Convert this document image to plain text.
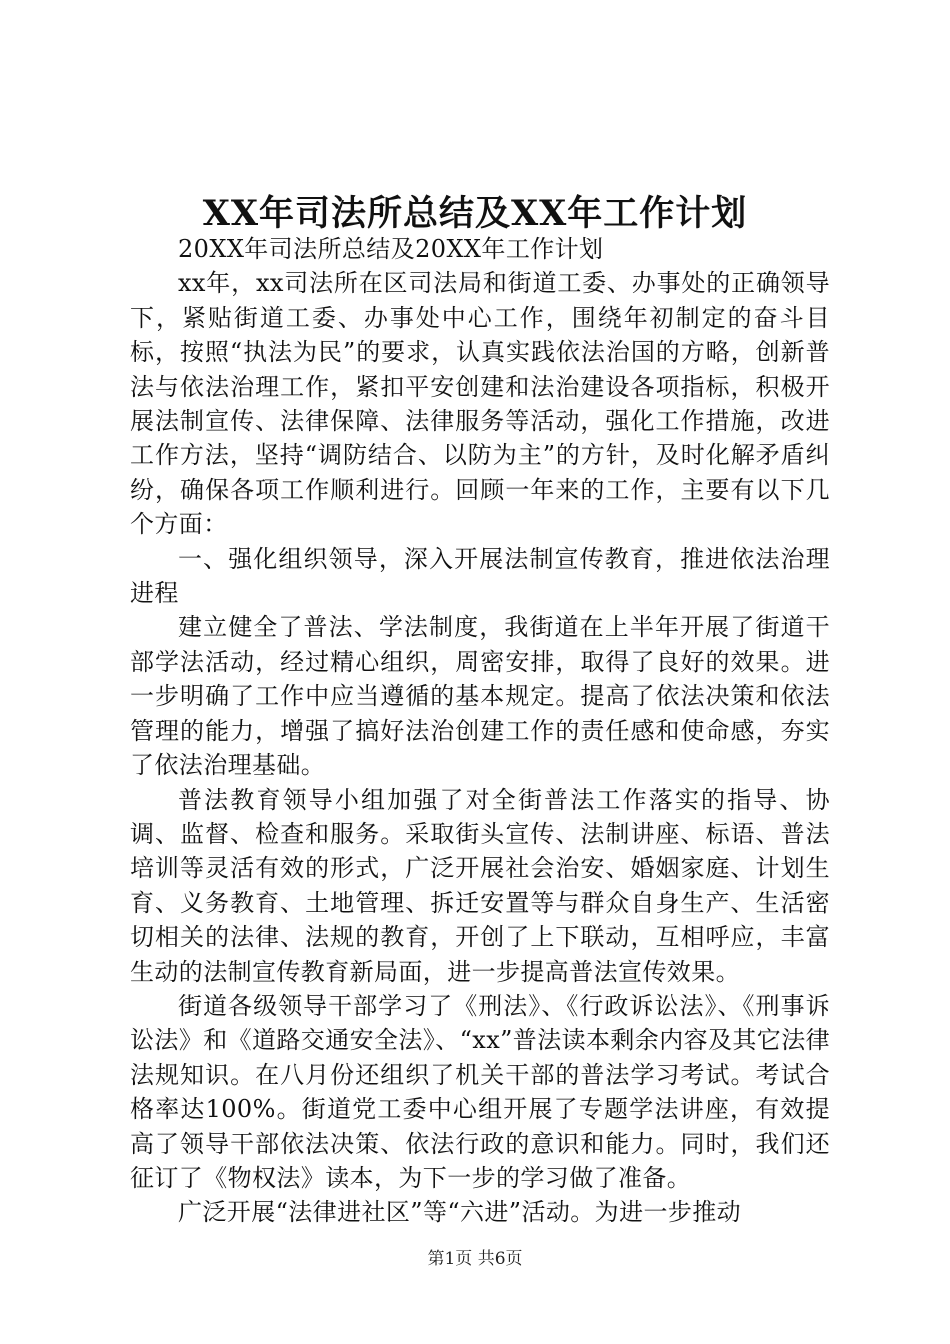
XX年司法所总结及XX年工作计划

20XX年司法所总结及20XX年工作计划

xx年，xx司法所在区司法局和街道工委、办事处的正确领导下，紧贴街道工委、办事处中心工作，围绕年初制定的奋斗目标，按照“执法为民”的要求，认真实践依法治国的方略，创新普法与依法治理工作，紧扣平安创建和法治建设各项指标，积极开展法制宣传、法律保障、法律服务等活动，强化工作措施，改进工作方法，坚持“调防结合、以防为主”的方针，及时化解矛盾纠纷，确保各项工作顺利进行。回顾一年来的工作，主要有以下几个方面：

一、强化组织领导，深入开展法制宣传教育，推进依法治理进程

建立健全了普法、学法制度，我街道在上半年开展了街道干部学法活动，经过精心组织，周密安排，取得了良好的效果。进一步明确了工作中应当遵循的基本规定。提高了依法决策和依法管理的能力，增强了搞好法治创建工作的责任感和使命感，夯实了依法治理基础。

普法教育领导小组加强了对全街普法工作落实的指导、协调、监督、检查和服务。采取街头宣传、法制讲座、标语、普法培训等灵活有效的形式，广泛开展社会治安、婚姻家庭、计划生育、义务教育、土地管理、拆迁安置等与群众自身生产、生活密切相关的法律、法规的教育，开创了上下联动，互相呼应，丰富生动的法制宣传教育新局面，进一步提高普法宣传效果。

街道各级领导干部学习了《刑法》、《行政诉讼法》、《刑事诉讼法》和《道路交通安全法》、“xx”普法读本剩余内容及其它法律法规知识。在八月份还组织了机关干部的普法学习考试。考试合格率达100%。街道党工委中心组开展了专题学法讲座，有效提高了领导干部依法决策、依法行政的意识和能力。同时，我们还征订了《物权法》读本，为下一步的学习做了准备。

广泛开展“法律进社区”等“六进”活动。为进一步推动

第1页 共6页
